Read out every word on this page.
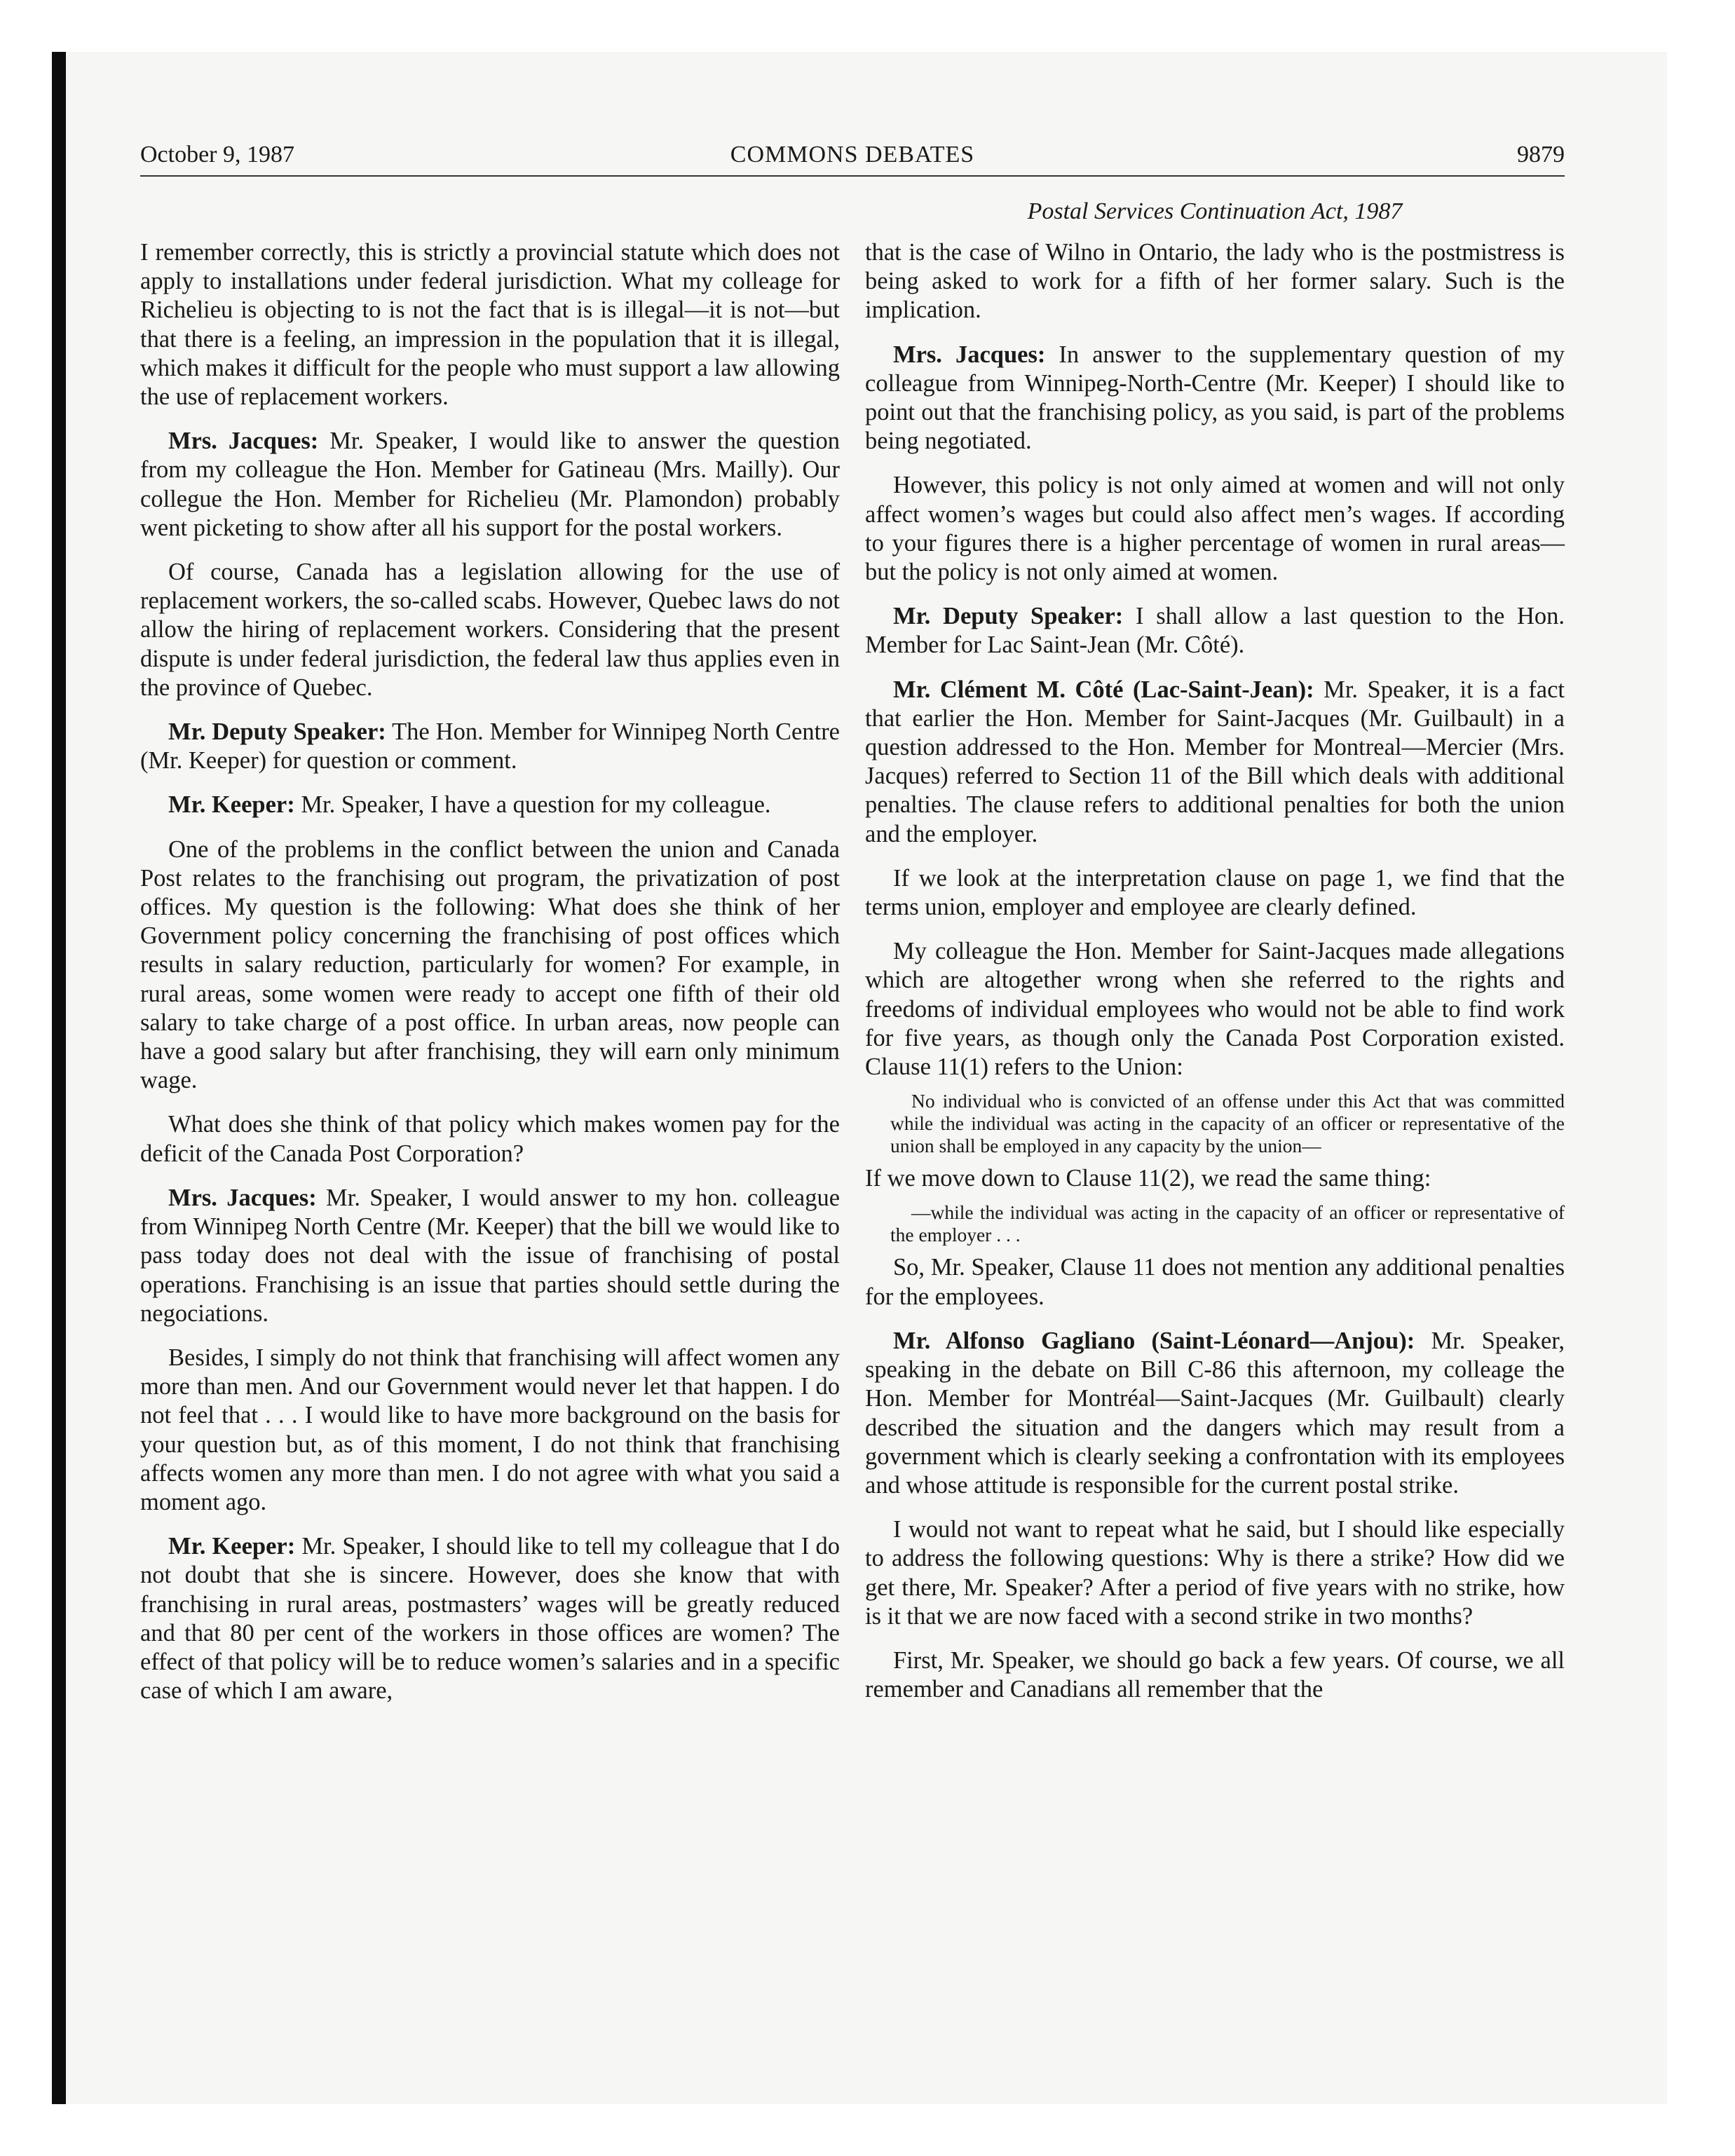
October 9, 1987	COMMONS DEBATES	9879
Postal Services Continuation Act, 1987

I remember correctly, this is strictly a provincial statute which does not apply to installations under federal jurisdiction. What my colleage for Richelieu is objecting to is not the fact that is is illegal—it is not—but that there is a feeling, an impression in the population that it is illegal, which makes it difficult for the people who must support a law allowing the use of replacement workers.

Mrs. Jacques: Mr. Speaker, I would like to answer the question from my colleague the Hon. Member for Gatineau (Mrs. Mailly). Our collegue the Hon. Member for Richelieu (Mr. Plamondon) probably went picketing to show after all his support for the postal workers.

Of course, Canada has a legislation allowing for the use of replacement workers, the so-called scabs. However, Quebec laws do not allow the hiring of replacement workers. Considering that the present dispute is under federal jurisdiction, the federal law thus applies even in the province of Quebec.

Mr. Deputy Speaker: The Hon. Member for Winnipeg North Centre (Mr. Keeper) for question or comment.

Mr. Keeper: Mr. Speaker, I have a question for my colleague.

One of the problems in the conflict between the union and Canada Post relates to the franchising out program, the privatization of post offices. My question is the following: What does she think of her Government policy concerning the franchising of post offices which results in salary reduction, particularly for women? For example, in rural areas, some women were ready to accept one fifth of their old salary to take charge of a post office. In urban areas, now people can have a good salary but after franchising, they will earn only minimum wage.

What does she think of that policy which makes women pay for the deficit of the Canada Post Corporation?

Mrs. Jacques: Mr. Speaker, I would answer to my hon. colleague from Winnipeg North Centre (Mr. Keeper) that the bill we would like to pass today does not deal with the issue of franchising of postal operations. Franchising is an issue that parties should settle during the negociations.

Besides, I simply do not think that franchising will affect women any more than men. And our Government would never let that happen. I do not feel that . . . I would like to have more background on the basis for your question but, as of this moment, I do not think that franchising affects women any more than men. I do not agree with what you said a moment ago.

Mr. Keeper: Mr. Speaker, I should like to tell my colleague that I do not doubt that she is sincere. However, does she know that with franchising in rural areas, postmasters’ wages will be greatly reduced and that 80 per cent of the workers in those offices are women? The effect of that policy will be to reduce women’s salaries and in a specific case of which I am aware,

that is the case of Wilno in Ontario, the lady who is the postmistress is being asked to work for a fifth of her former salary. Such is the implication.

Mrs. Jacques: In answer to the supplementary question of my colleague from Winnipeg-North-Centre (Mr. Keeper) I should like to point out that the franchising policy, as you said, is part of the problems being negotiated.

However, this policy is not only aimed at women and will not only affect women’s wages but could also affect men’s wages. If according to your figures there is a higher percentage of women in rural areas—but the policy is not only aimed at women.

Mr. Deputy Speaker: I shall allow a last question to the Hon. Member for Lac Saint-Jean (Mr. Côté).

Mr. Clément M. Côté (Lac-Saint-Jean): Mr. Speaker, it is a fact that earlier the Hon. Member for Saint-Jacques (Mr. Guilbault) in a question addressed to the Hon. Member for Montreal—Mercier (Mrs. Jacques) referred to Section 11 of the Bill which deals with additional penalties. The clause refers to additional penalties for both the union and the employer.

If we look at the interpretation clause on page 1, we find that the terms union, employer and employee are clearly defined.

My colleague the Hon. Member for Saint-Jacques made allegations which are altogether wrong when she referred to the rights and freedoms of individual employees who would not be able to find work for five years, as though only the Canada Post Corporation existed. Clause 11(1) refers to the Union:

No individual who is convicted of an offense under this Act that was committed while the individual was acting in the capacity of an officer or representative of the union shall be employed in any capacity by the union—

If we move down to Clause 11(2), we read the same thing:

—while the individual was acting in the capacity of an officer or representative of the employer . . .

So, Mr. Speaker, Clause 11 does not mention any additional penalties for the employees.

Mr. Alfonso Gagliano (Saint-Léonard—Anjou): Mr. Speaker, speaking in the debate on Bill C-86 this afternoon, my colleage the Hon. Member for Montréal—Saint-Jacques (Mr. Guilbault) clearly described the situation and the dangers which may result from a government which is clearly seeking a confrontation with its employees and whose attitude is responsible for the current postal strike.

I would not want to repeat what he said, but I should like especially to address the following questions: Why is there a strike? How did we get there, Mr. Speaker? After a period of five years with no strike, how is it that we are now faced with a second strike in two months?

First, Mr. Speaker, we should go back a few years. Of course, we all remember and Canadians all remember that the
